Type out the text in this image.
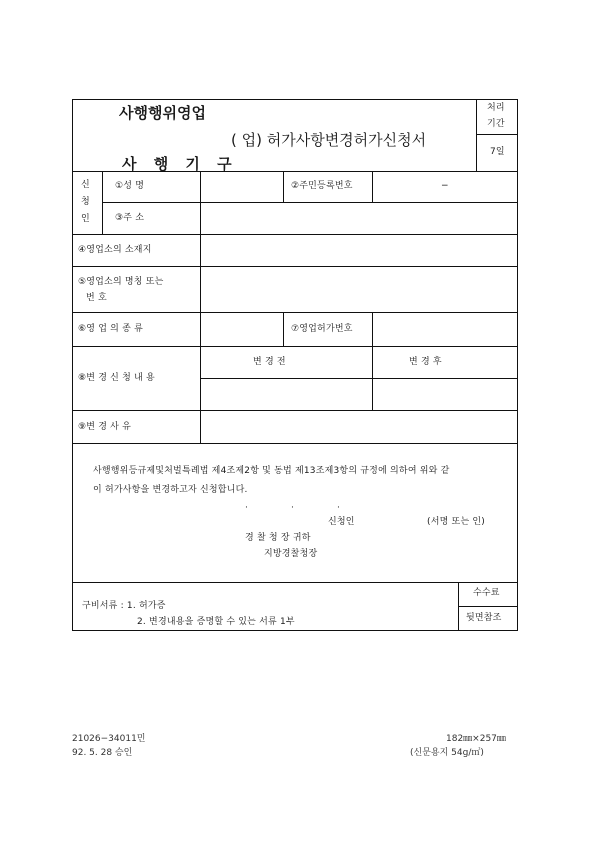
사행행위영업
( 업) 허가사항변경허가신청서
사 행 기 구
처리
기간
7일
신
청
인
①성 명	②주민등록번호	−
③주 소
④영업소의 소재지
⑤영업소의 명칭 또는
번 호
⑥영 업 의 종 류	⑦영업허가번호
⑧변 경 신 청 내 용
변 경 전	변 경 후
⑨변 경 사 유
사행행위등규제및처벌특례법 제4조제2항 및 동법 제13조제3항의 규정에 의하여 위와 같
이 허가사항을 변경하고자 신청합니다.
·	·	·
신청인	(서명 또는 인)
경 찰 청 장 귀하
지방경찰청장
구비서류 : 1. 허가증
2. 변경내용을 증명할 수 있는 서류 1부
수수료
뒷면참조
21026−34011민
92. 5. 28 승인
182㎜×257㎜
(신문용지 54g/㎡)
